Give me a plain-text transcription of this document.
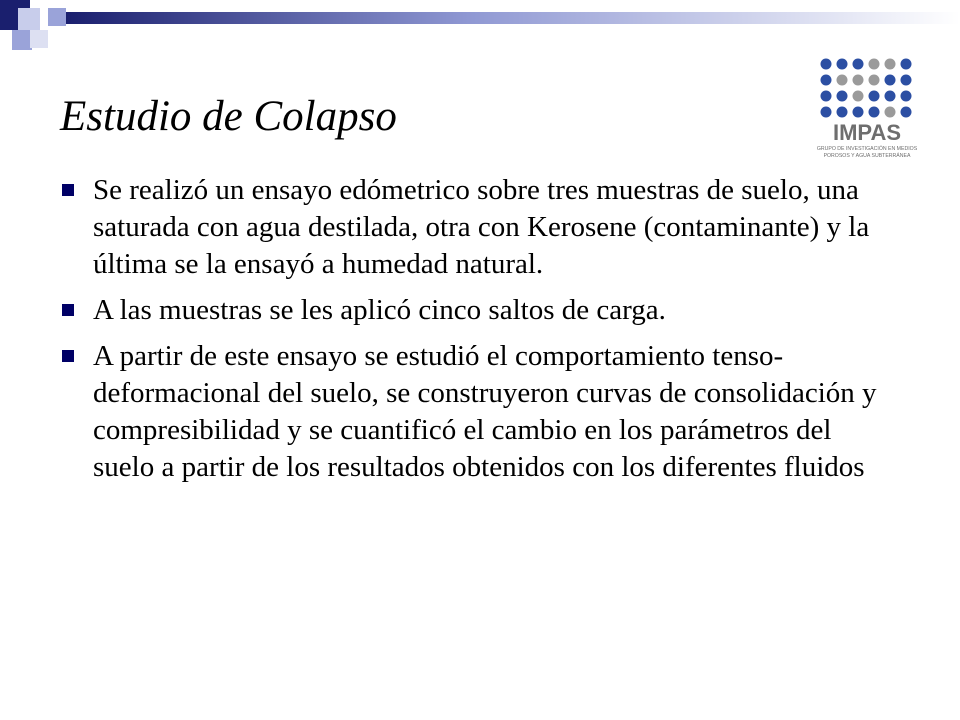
Estudio de Colapso	IMPAS
GRUPO DE INVESTIGACIÓN EN MEDIOS
POROSOS Y AGUA SUBTERRÁNEA
Se realizó un ensayo edómetrico sobre tres muestras de suelo, una saturada con agua destilada, otra con Kerosene (contaminante) y la última se la ensayó a humedad natural.
A las muestras se les aplicó cinco saltos de carga.
A partir de este ensayo se estudió el comportamiento tenso-deformacional del suelo, se construyeron curvas de consolidación y compresibilidad y se cuantificó el cambio en los parámetros del suelo a partir de los resultados obtenidos con los diferentes fluidos
